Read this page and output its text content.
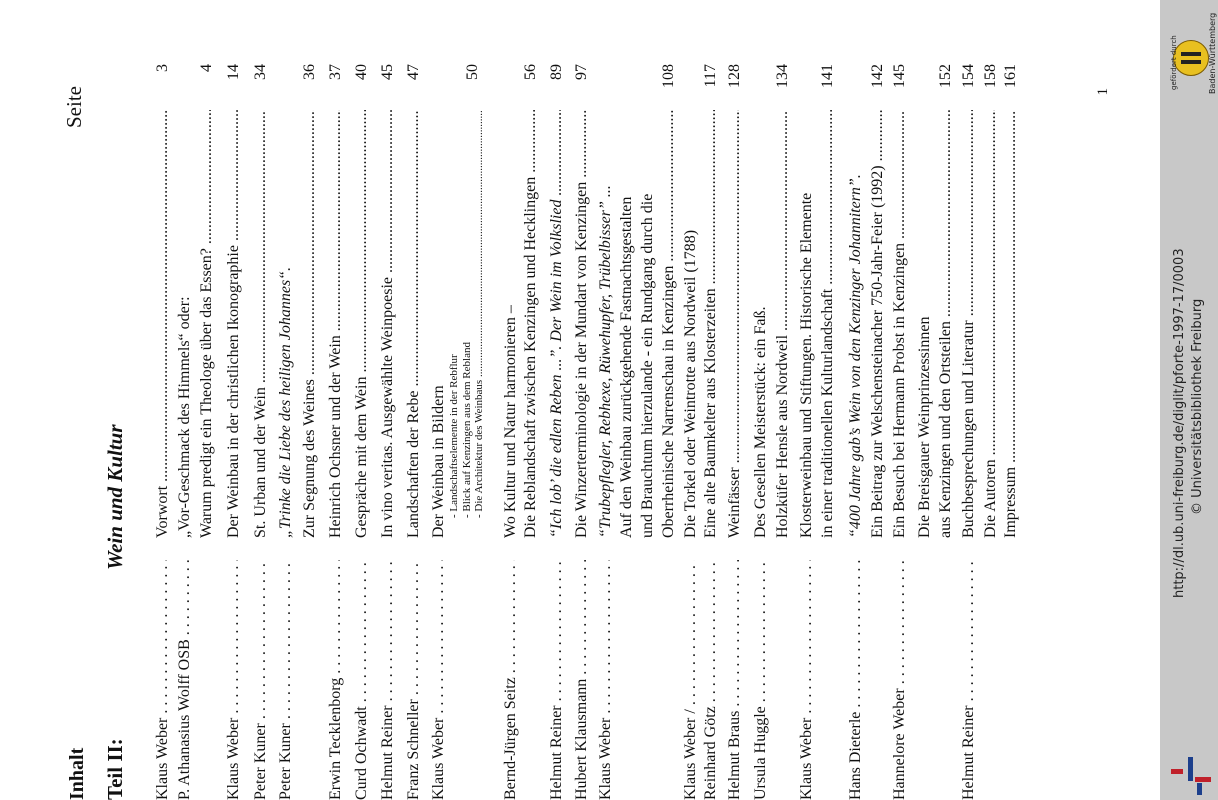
Inhalt
Seite
Teil II:
Wein und Kultur
Klaus Weber . . .
Vorwort .....
3
P. Athanasius Wolff OSB . . .
„Vor-Geschmack des Himmels“ oder: Warum predigt ein Theologe über das Essen? .....
4
Klaus Weber . . .
Der Weinbau in der christlichen Ikonographie .....
14
Peter Kuner . . .
St. Urban und der Wein .....
34
Peter Kuner . . .
„Trinke die Liebe des heiligen Johannes“. Zur Segnung des Weines .....
36
Erwin Tecklenborg . . .
Heinrich Ochsner und der Wein .....
37
Curd Ochwadt . . .
Gespräche mit dem Wein .....
40
Helmut Reiner . . .
In vino veritas. Ausgewählte Weinpoesie .....
45
Franz Schneller . . .
Landschaften der Rebe .....
47
Klaus Weber . . .
Der Weinbau in Bildern - Landschaftselemente in der Rebflur - Blick auf Kenzingen aus dem Rebland - Die Architektur des Weinbaus .....
50
Bernd-Jürgen Seitz . . .
Wo Kultur und Natur harmonieren – Die Reblandschaft zwischen Kenzingen und Hecklingen .....
56
Helmut Reiner . . .
“Ich lob’ die edlen Reben ...”. Der Wein im Volkslied .....
89
Hubert Klausmann . . .
Die Winzerterminologie in der Mundart von Kenzingen .....
97
Klaus Weber . . .
“Trubepflegler, Rebhexe, Rüwehupfer, Trübelbisser” ... Auf den Weinbau zurückgehende Fastnachtsgestalten und Brauchtum hierzulande - ein Rundgang durch die Oberrheinische Narrenschau in Kenzingen .....
108
Klaus Weber / . . .
Die Torkel oder Weintrotte aus Nordweil (1788)
Reinhard Götz . . .
Eine alte Baumkelter aus Klosterzeiten .....
117
Helmut Braus . . .
Weinfässer .....
128
Ursula Huggle . . .
Des Gesellen Meisterstück: ein Faß. Holzküfer Hensle aus Nordweil .....
134
Klaus Weber . . .
Klosterweinbau und Stiftungen. Historische Elemente in einer traditionellen Kulturlandschaft .....
141
Hans Dieterle . . .
“400 Jahre gab’s Wein von den Kenzinger Johannitern”. Ein Beitrag zur Welschensteinacher 750-Jahr-Feier (1992) .....
142
Hannelore Weber . . .
Ein Besuch bei Hermann Probst in Kenzingen .....
145
Die Breisgauer Weinprinzessinnen aus Kenzingen und den Ortsteilen .....
152
Helmut Reiner . . .
Buchbesprechungen und Literatur .....
154
Die Autoren .....
158
Impressum .....
161
1
gefördert durch	Baden-Württemberg
http://dl.ub.uni-freiburg.de/diglit/pforte-1997-17/0003 © Universitätsbibliothek Freiburg
